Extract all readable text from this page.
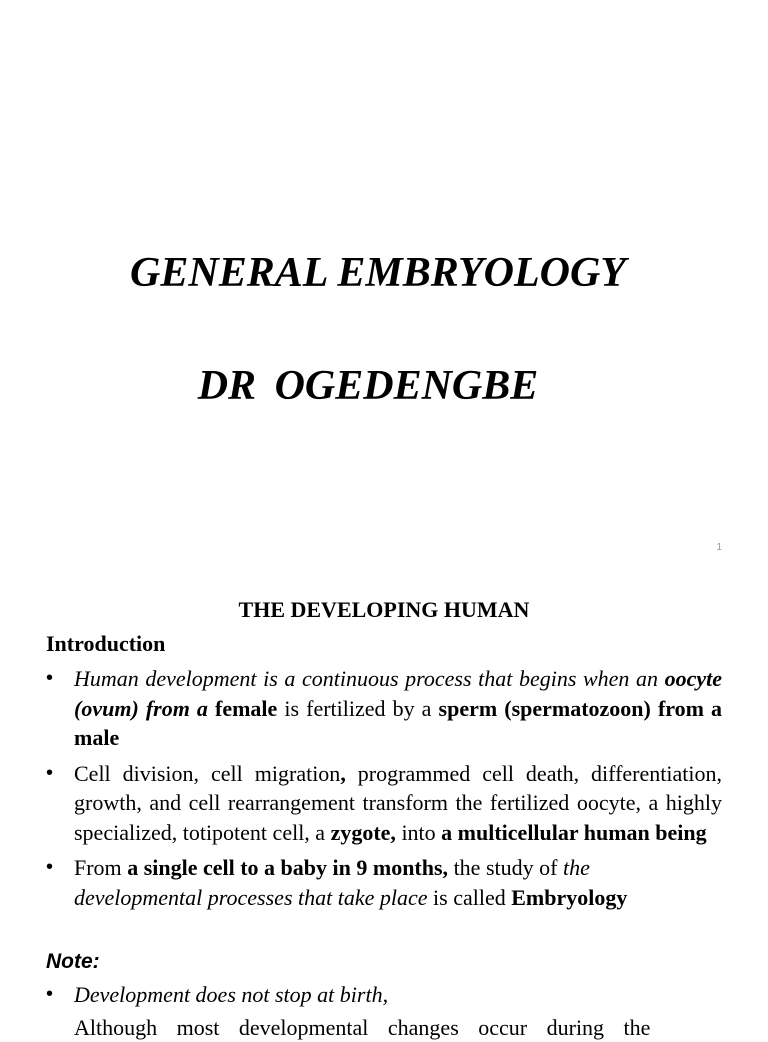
GENERAL EMBRYOLOGY
DR OGEDENGBE
1
THE DEVELOPING HUMAN
Introduction
• Human development is a continuous process that begins when an oocyte (ovum) from a female is fertilized by a sperm (spermatozoon) from a male
• Cell division, cell migration, programmed cell death, differentiation, growth, and cell rearrangement transform the fertilized oocyte, a highly specialized, totipotent cell, a zygote, into a multicellular human being
• From a single cell to a baby in 9 months, the study of the developmental processes that take place is called Embryology
Note:
• Development does not stop at birth,
Although most developmental changes occur during the
